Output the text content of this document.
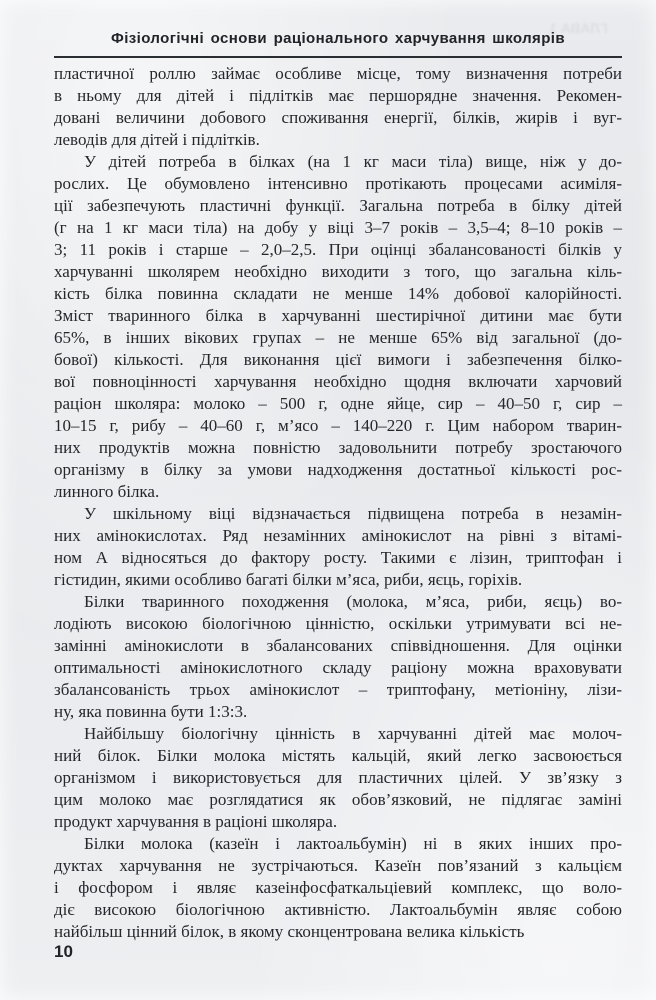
ГЛАВА 1
Фізіологічні основи раціонального харчування школярів
пластичної роллю займає особливе місце, тому визначення потреби
в ньому для дітей і підлітків має першорядне значення. Рекомен-
довані величини добового споживання енергії, білків, жирів і вуг-
леводів для дітей і підлітків.
У дітей потреба в білках (на 1 кг маси тіла) вище, ніж у до-
рослих. Це обумовлено інтенсивно протікають процесами асиміля-
ції забезпечують пластичні функції. Загальна потреба в білку дітей
(г на 1 кг маси тіла) на добу у віці 3–7 років – 3,5–4; 8–10 років –
3; 11 років і старше – 2,0–2,5. При оцінці збалансованості білків у
харчуванні школярем необхідно виходити з того, що загальна кіль-
кість білка повинна складати не менше 14% добової калорійності.
Зміст тваринного білка в харчуванні шестирічної дитини має бути
65%, в інших вікових групах – не менше 65% від загальної (до-
бової) кількості. Для виконання цієї вимоги і забезпечення білко-
вої повноцінності харчування необхідно щодня включати харчовий
раціон школяра: молоко – 500 г, одне яйце, сир – 40–50 г, сир –
10–15 г, рибу – 40–60 г, м’ясо – 140–220 г. Цим набором тварин-
них продуктів можна повністю задовольнити потребу зростаючого
організму в білку за умови надходження достатньої кількості рос-
линного білка.
У шкільному віці відзначається підвищена потреба в незамін-
них амінокислотах. Ряд незамінних амінокислот на рівні з вітамі-
ном А відносяться до фактору росту. Такими є лізин, триптофан і
гістидин, якими особливо багаті білки м’яса, риби, яєць, горіхів.
Білки тваринного походження (молока, м’яса, риби, яєць) во-
лодіють високою біологічною цінністю, оскільки утримувати всі не-
замінні амінокислоти в збалансованих співвідношення. Для оцінки
оптимальності амінокислотного складу раціону можна враховувати
збалансованість трьох амінокислот – триптофану, метіоніну, лізи-
ну, яка повинна бути 1:3:3.
Найбільшу біологічну цінність в харчуванні дітей має молоч-
ний білок. Білки молока містять кальцій, який легко засвоюється
організмом і використовується для пластичних цілей. У зв’язку з
цим молоко має розглядатися як обов’язковий, не підлягає заміні
продукт харчування в раціоні школяра.
Білки молока (казеїн і лактоальбумін) ні в яких інших про-
дуктах харчування не зустрічаються. Казеїн пов’язаний з кальцієм
і фосфором і являє казеінфосфаткальціевий комплекс, що воло-
діє високою біологічною активністю. Лактоальбумін являє собою
найбільш цінний білок, в якому сконцентрована велика кількість
10
